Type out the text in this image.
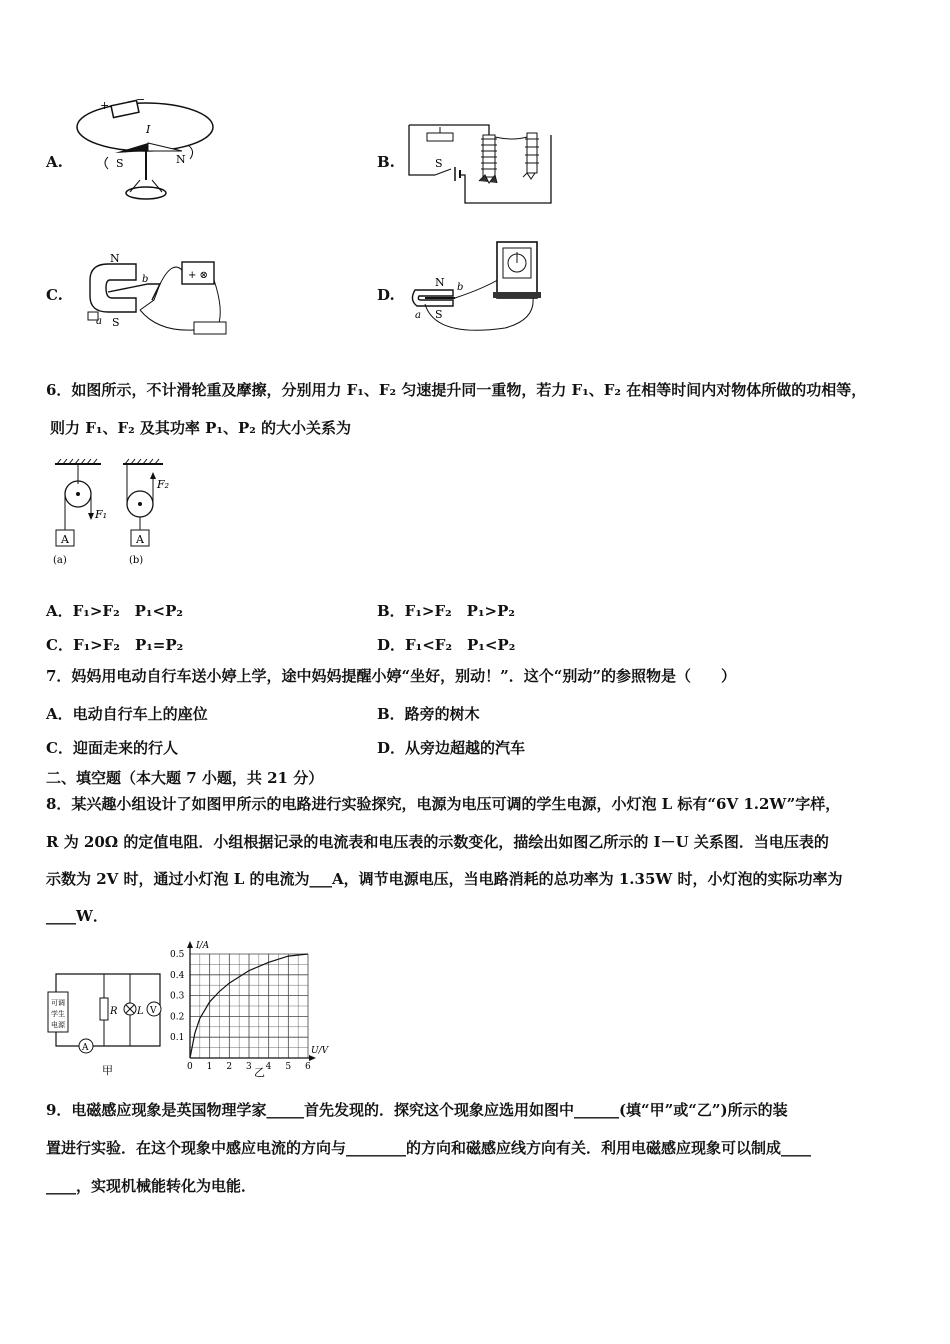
A.	B.
C.	D.
+ −
I
S	N	S
N
S
a
b	+ ⊗
N
S
a
b
6．如图所示，不计滑轮重及摩擦，分别用力 F₁、F₂ 匀速提升同一重物，若力 F₁、F₂ 在相等时间内对物体所做的功相等，
则力 F₁、F₂ 及其功率 P₁、P₂ 的大小关系为
F₁
A
(a)
F₂
A
(b)
A．F₁>F₂　P₁<P₂	B．F₁>F₂　P₁>P₂
C．F₁>F₂　P₁=P₂	D．F₁<F₂　P₁<P₂
7．妈妈用电动自行车送小婷上学，途中妈妈提醒小婷“坐好，别动！”．这个“别动”的参照物是（　　）
A．电动自行车上的座位	B．路旁的树木
C．迎面走来的行人	D．从旁边超越的汽车
二、填空题（本大题 7 小题，共 21 分）
8．某兴趣小组设计了如图甲所示的电路进行实验探究，电源为电压可调的学生电源，小灯泡 L 标有“6V 1.2W”字样，
R 为 20Ω 的定值电阻．小组根据记录的电流表和电压表的示数变化，描绘出如图乙所示的 I－U 关系图．当电压表的
示数为 2V 时，通过小灯泡 L 的电流为___A，调节电源电压，当电路消耗的总功率为 1.35W 时，小灯泡的实际功率为
____W．
可调
学生
电源
R L V
A
甲
I/A
U/V
0 1 2 3 4 5 6
0.1
0.2
0.3
0.4
0.5
乙
9．电磁感应现象是英国物理学家_____首先发现的．探究这个现象应选用如图中______(填“甲”或“乙”)所示的装
置进行实验．在这个现象中感应电流的方向与________的方向和磁感应线方向有关．利用电磁感应现象可以制成____
____，实现机械能转化为电能．
